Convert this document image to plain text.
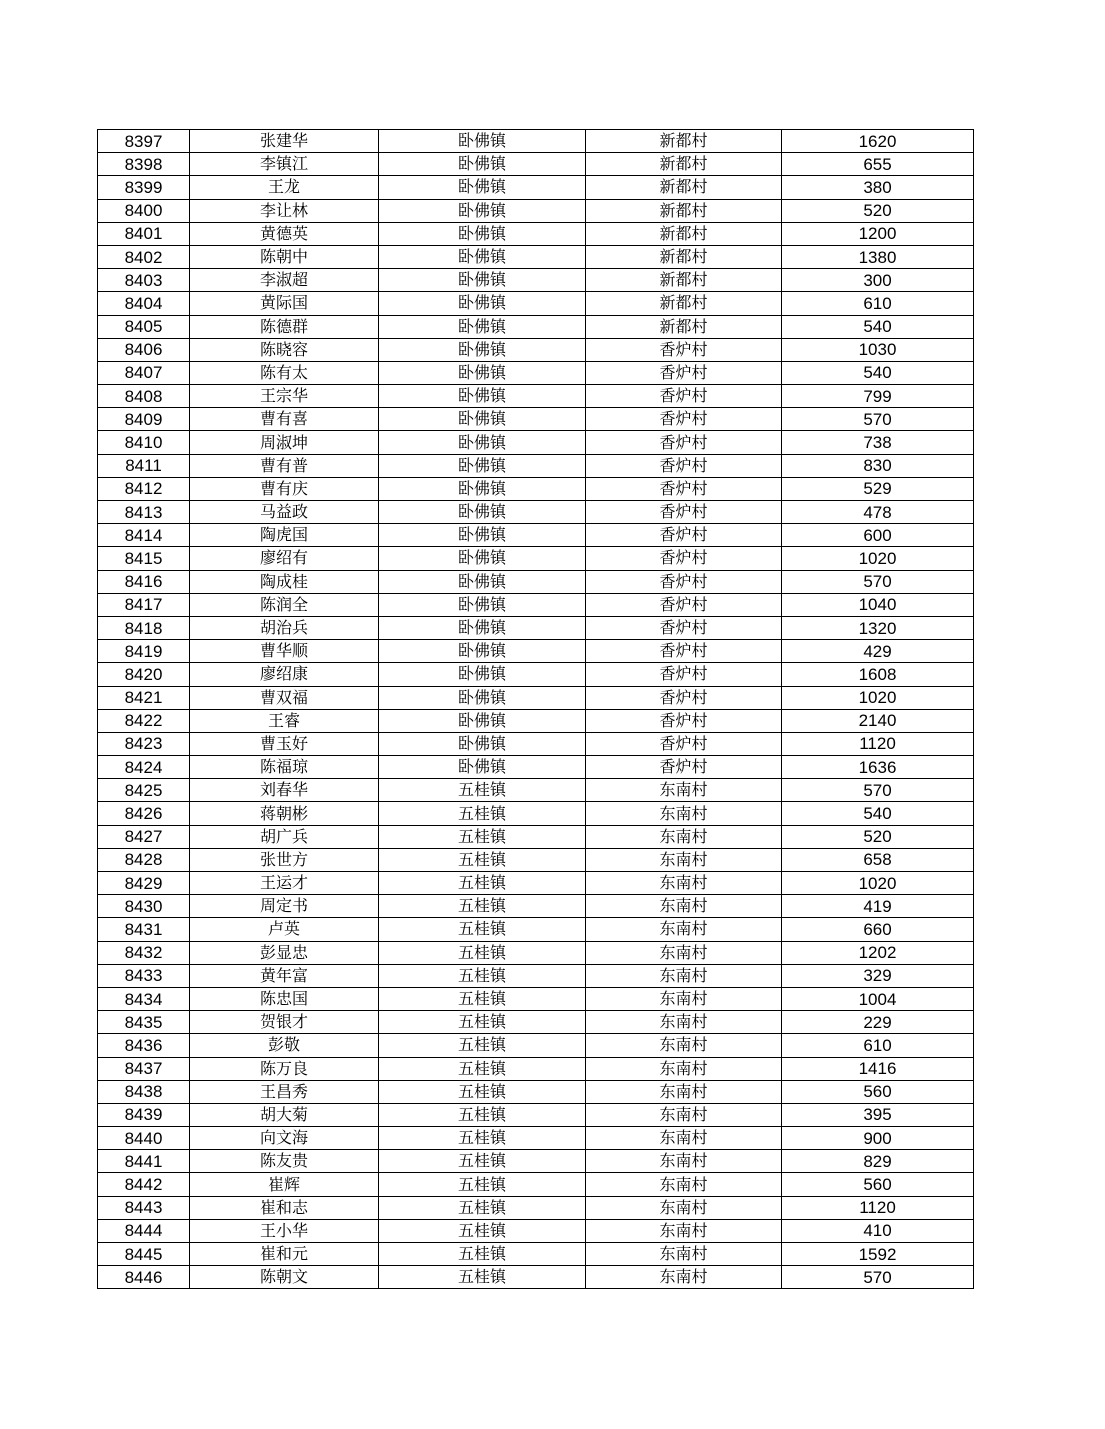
8397	张建华	卧佛镇	新都村	1620
8398	李镇江	卧佛镇	新都村	655
8399	王龙	卧佛镇	新都村	380
8400	李让林	卧佛镇	新都村	520
8401	黄德英	卧佛镇	新都村	1200
8402	陈朝中	卧佛镇	新都村	1380
8403	李淑超	卧佛镇	新都村	300
8404	黄际国	卧佛镇	新都村	610
8405	陈德群	卧佛镇	新都村	540
8406	陈晓容	卧佛镇	香炉村	1030
8407	陈有太	卧佛镇	香炉村	540
8408	王宗华	卧佛镇	香炉村	799
8409	曹有喜	卧佛镇	香炉村	570
8410	周淑坤	卧佛镇	香炉村	738
8411	曹有普	卧佛镇	香炉村	830
8412	曹有庆	卧佛镇	香炉村	529
8413	马益政	卧佛镇	香炉村	478
8414	陶虎国	卧佛镇	香炉村	600
8415	廖绍有	卧佛镇	香炉村	1020
8416	陶成桂	卧佛镇	香炉村	570
8417	陈润全	卧佛镇	香炉村	1040
8418	胡治兵	卧佛镇	香炉村	1320
8419	曹华顺	卧佛镇	香炉村	429
8420	廖绍康	卧佛镇	香炉村	1608
8421	曹双福	卧佛镇	香炉村	1020
8422	王睿	卧佛镇	香炉村	2140
8423	曹玉好	卧佛镇	香炉村	1120
8424	陈福琼	卧佛镇	香炉村	1636
8425	刘春华	五桂镇	东南村	570
8426	蒋朝彬	五桂镇	东南村	540
8427	胡广兵	五桂镇	东南村	520
8428	张世方	五桂镇	东南村	658
8429	王运才	五桂镇	东南村	1020
8430	周定书	五桂镇	东南村	419
8431	卢英	五桂镇	东南村	660
8432	彭显忠	五桂镇	东南村	1202
8433	黄年富	五桂镇	东南村	329
8434	陈忠国	五桂镇	东南村	1004
8435	贺银才	五桂镇	东南村	229
8436	彭敬	五桂镇	东南村	610
8437	陈万良	五桂镇	东南村	1416
8438	王昌秀	五桂镇	东南村	560
8439	胡大菊	五桂镇	东南村	395
8440	向文海	五桂镇	东南村	900
8441	陈友贵	五桂镇	东南村	829
8442	崔辉	五桂镇	东南村	560
8443	崔和志	五桂镇	东南村	1120
8444	王小华	五桂镇	东南村	410
8445	崔和元	五桂镇	东南村	1592
8446	陈朝文	五桂镇	东南村	570
